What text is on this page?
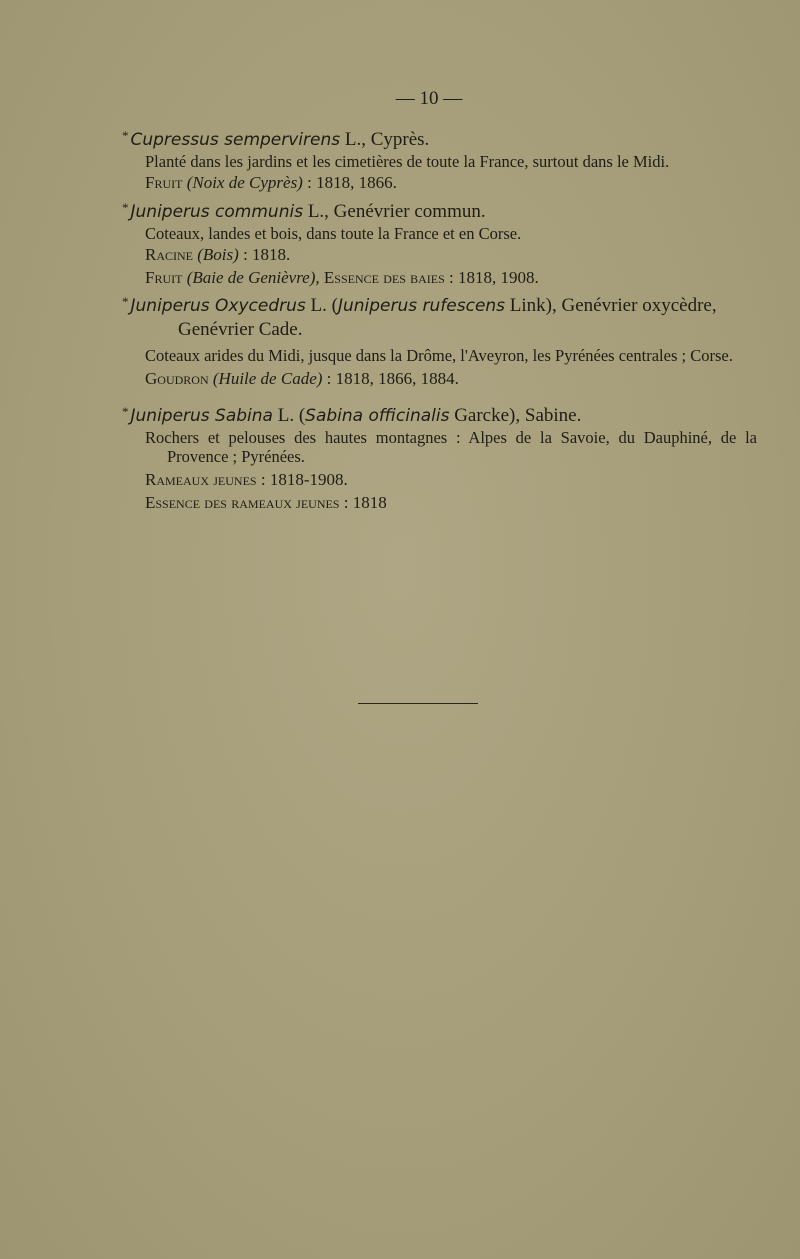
— 10 —

* Cupressus sempervirens L., Cyprès.

Planté dans les jardins et les cimetières de toute la France, surtout dans le Midi.

Fruit (Noix de Cyprès) : 1818, 1866.

* Juniperus communis L., Genévrier commun.

Coteaux, landes et bois, dans toute la France et en Corse.

Racine (Bois) : 1818.

Fruit (Baie de Genièvre), Essence des baies : 1818, 1908.

* Juniperus Oxycedrus L. (Juniperus rufescens Link), Genévrier oxycèdre,

Genévrier Cade.

Coteaux arides du Midi, jusque dans la Drôme, l'Aveyron, les Pyrénées centrales ; Corse.

Goudron (Huile de Cade) : 1818, 1866, 1884.

* Juniperus Sabina L. (Sabina officinalis Garcke), Sabine.

Rochers et pelouses des hautes montagnes : Alpes de la Savoie, du Dauphiné, de la Provence ; Pyrénées.

Rameaux jeunes : 1818-1908.

Essence des rameaux jeunes : 1818
